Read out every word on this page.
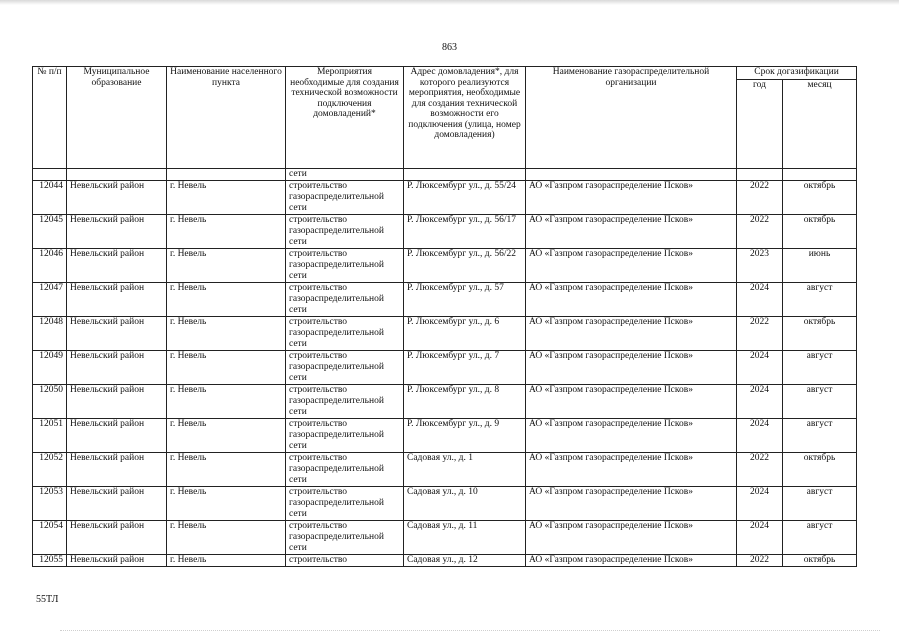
863
№ п/п	Муниципальное образование	Наименование населенного пункта	Мероприятия необходимые для создания технической возможности подключения домовладений*	Адрес домовладения*, для которого реализуются мероприятия, необходимые для создания технической возможности его подключения (улица, номер домовладения)	Наименование газораспределительной организации	Срок догазификации	
						год	месяц
			сети				
12044	Невельский район	г. Невель	строительство газораспределительной сети	Р. Люксембург ул., д. 55/24	АО «Газпром газораспределение Псков»	2022	октябрь
12045	Невельский район	г. Невель	строительство газораспределительной сети	Р. Люксембург ул., д. 56/17	АО «Газпром газораспределение Псков»	2022	октябрь
12046	Невельский район	г. Невель	строительство газораспределительной сети	Р. Люксембург ул., д. 56/22	АО «Газпром газораспределение Псков»	2023	июнь
12047	Невельский район	г. Невель	строительство газораспределительной сети	Р. Люксембург ул., д. 57	АО «Газпром газораспределение Псков»	2024	август
12048	Невельский район	г. Невель	строительство газораспределительной сети	Р. Люксембург ул., д. 6	АО «Газпром газораспределение Псков»	2022	октябрь
12049	Невельский район	г. Невель	строительство газораспределительной сети	Р. Люксембург ул., д. 7	АО «Газпром газораспределение Псков»	2024	август
12050	Невельский район	г. Невель	строительство газораспределительной сети	Р. Люксембург ул., д. 8	АО «Газпром газораспределение Псков»	2024	август
12051	Невельский район	г. Невель	строительство газораспределительной сети	Р. Люксембург ул., д. 9	АО «Газпром газораспределение Псков»	2024	август
12052	Невельский район	г. Невель	строительство газораспределительной сети	Садовая ул., д. 1	АО «Газпром газораспределение Псков»	2022	октябрь
12053	Невельский район	г. Невель	строительство газораспределительной сети	Садовая ул., д. 10	АО «Газпром газораспределение Псков»	2024	август
12054	Невельский район	г. Невель	строительство газораспределительной сети	Садовая ул., д. 11	АО «Газпром газораспределение Псков»	2024	август
12055	Невельский район	г. Невель	строительство	Садовая ул., д. 12	АО «Газпром газораспределение Псков»	2022	октябрь
55ТЛ
